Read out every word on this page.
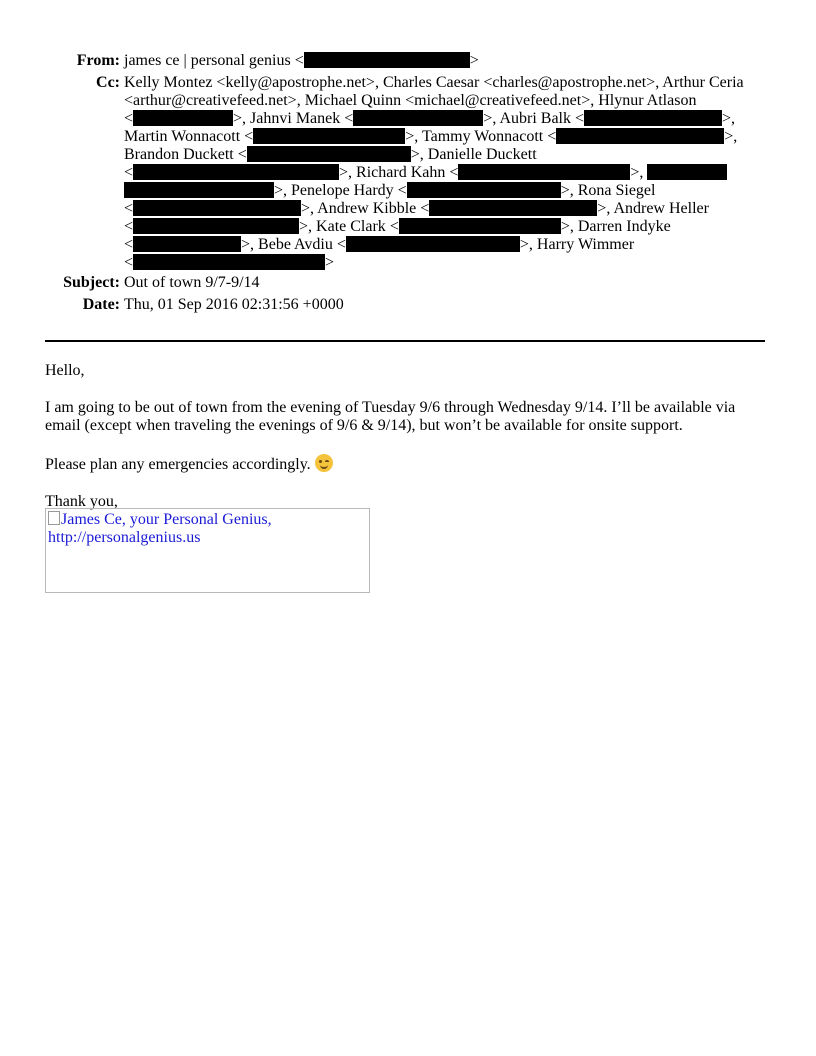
From: james ce | personal genius <	>
Cc: Kelly Montez <kelly@apostrophe.net>, Charles Caesar <charles@apostrophe.net>, Arthur Ceria
<arthur@creativefeed.net>, Michael Quinn <michael@creativefeed.net>, Hlynur Atlason
<	>, Jahnvi Manek <	>, Aubri Balk <	>,
Martin Wonnacott <	>, Tammy Wonnacott <	>,
Brandon Duckett <	>, Danielle Duckett
<	>, Richard Kahn <	>,
>, Penelope Hardy <	>, Rona Siegel
<	>, Andrew Kibble <	>, Andrew Heller
<	>, Kate Clark <	>, Darren Indyke
<	>, Bebe Avdiu <	>, Harry Wimmer
<	>
Subject: Out of town 9/7-9/14
Date: Thu, 01 Sep 2016 02:31:56 +0000

Hello,

I am going to be out of town from the evening of Tuesday 9/6 through Wednesday 9/14. I’ll be available via email (except when traveling the evenings of 9/6 & 9/14), but won’t be available for onsite support.

Please plan any emergencies accordingly.

Thank you,

James Ce, your Personal Genius, http://personalgenius.us
